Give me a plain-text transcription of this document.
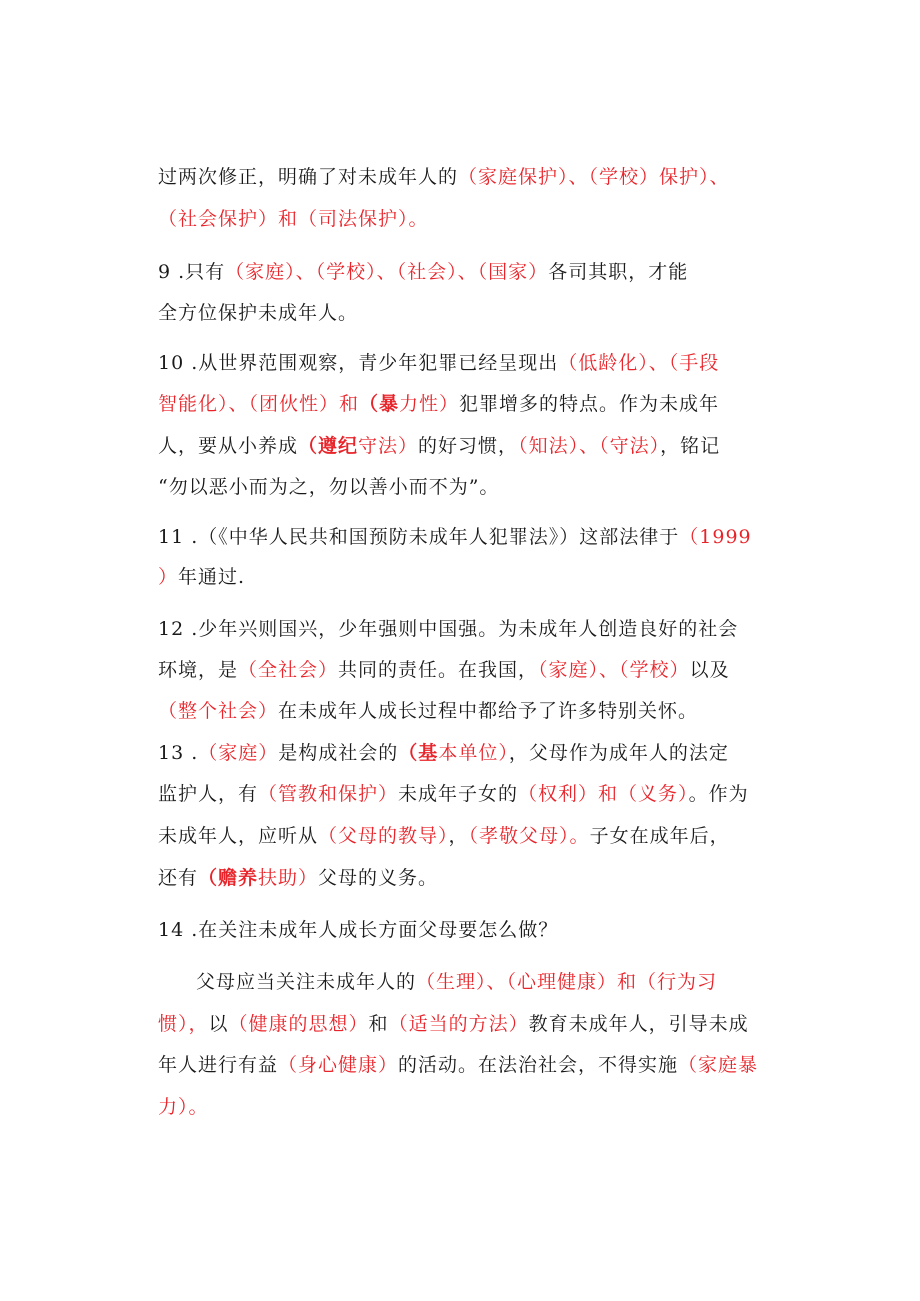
过两次修正，明确了对未成年人的（家庭保护）、（学校）保护）、
（社会保护）和（司法保护）。
9 .只有（家庭）、（学校）、（社会）、（国家）各司其职，才能
全方位保护未成年人。
10 .从世界范围观察，青少年犯罪已经呈现出（低龄化）、（手段
智能化）、（团伙性）和（暴力性）犯罪增多的特点。作为未成年
人，要从小养成（遵纪守法）的好习惯，（知法）、（守法），铭记
“勿以恶小而为之，勿以善小而不为”。
11 .（《中华人民共和国预防未成年人犯罪法》）这部法律于（1999
）年通过.
12 .少年兴则国兴，少年强则中国强。为未成年人创造良好的社会
环境，是（全社会）共同的责任。在我国，（家庭）、（学校）以及
（整个社会）在未成年人成长过程中都给予了许多特别关怀。
13 .（家庭）是构成社会的（基本单位），父母作为成年人的法定
监护人，有（管教和保护）未成年子女的（权利）和（义务）。作为
未成年人，应听从（父母的教导），（孝敬父母）。子女在成年后，
还有（赡养扶助）父母的义务。
14 .在关注未成年人成长方面父母要怎么做？
父母应当关注未成年人的（生理）、（心理健康）和（行为习
惯），以（健康的思想）和（适当的方法）教育未成年人，引导未成
年人进行有益（身心健康）的活动。在法治社会，不得实施（家庭暴
力）。
